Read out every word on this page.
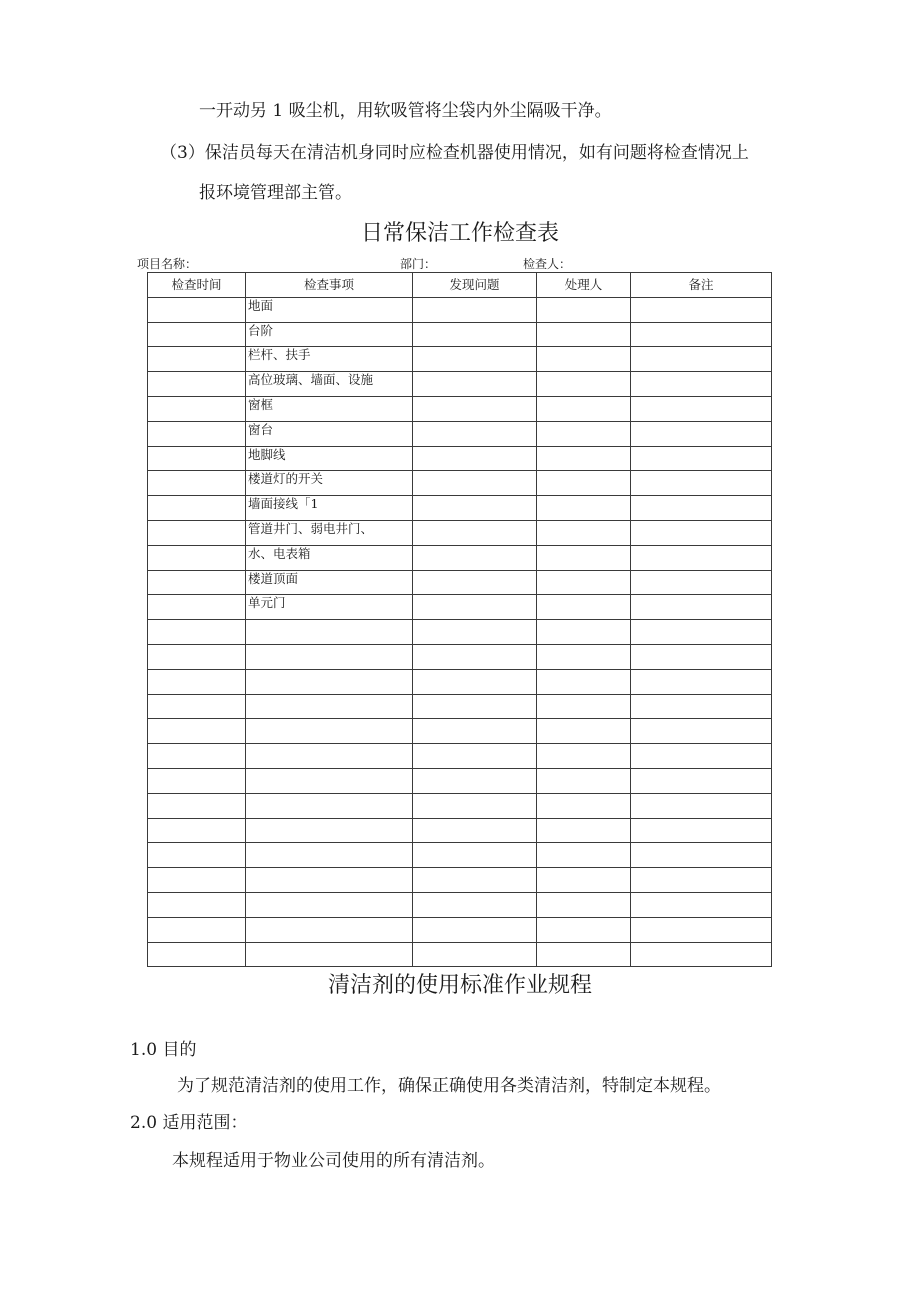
一开动另 1 吸尘机，用软吸管将尘袋内外尘隔吸干净。
（3）保洁员每天在清洁机身同时应检查机器使用情况，如有问题将检查情况上
报环境管理部主管。
日常保洁工作检查表
项目名称：	部门：	检查人：
检查时间	检查事项	发现问题	处理人	备注
	地面			
	台阶			
	栏杆、扶手			
	高位玻璃、墙面、设施			
	窗框			
	窗台			
	地脚线			
	楼道灯的开关			
	墙面接线「1			
	管道井门、弱电井门、			
	水、电表箱			
	楼道顶面			
	单元门			

清洁剂的使用标准作业规程
1.0 目的
为了规范清洁剂的使用工作，确保正确使用各类清洁剂，特制定本规程。
2.0 适用范围：
本规程适用于物业公司使用的所有清洁剂。
